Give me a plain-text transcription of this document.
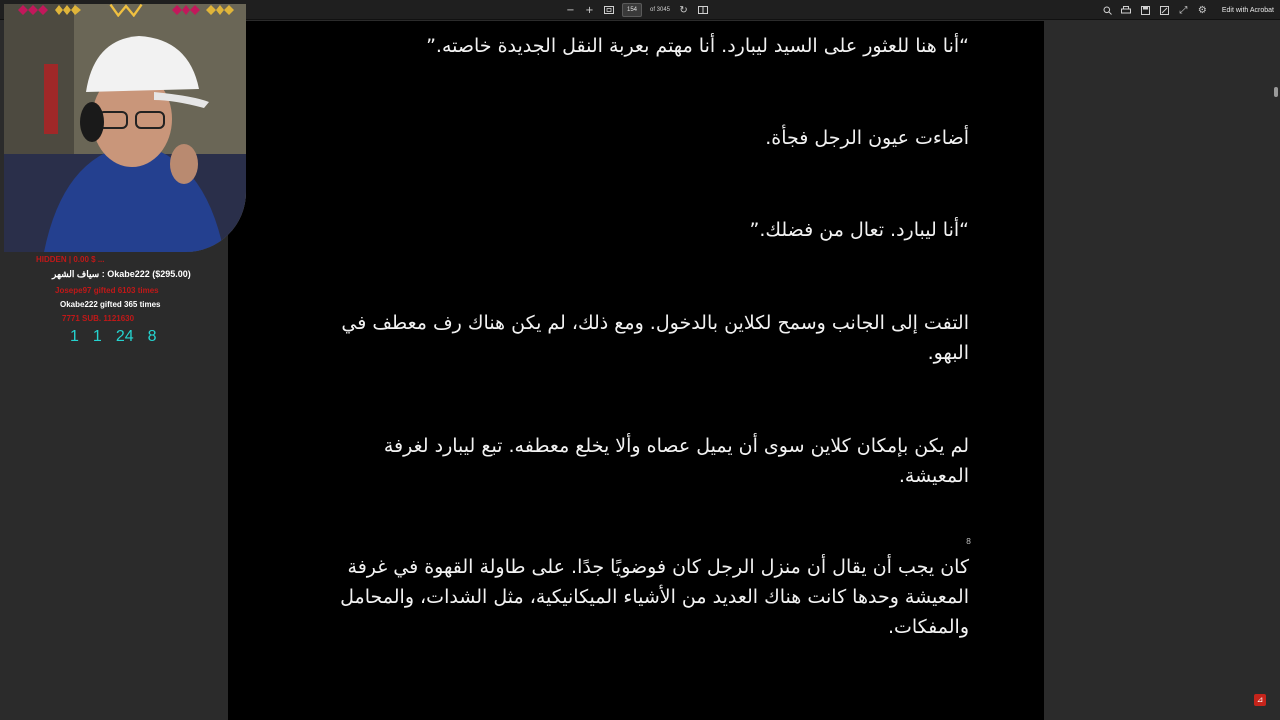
− +	154	of 3045 ↻	⤢ ⚙ Edit with Acrobat

“أنا هنا للعثور على السيد ليبارد. أنا مهتم بعربة النقل الجديدة خاصته.”

أضاءت عيون الرجل فجأة.

“أنا ليبارد. تعال من فضلك.”

التفت إلى الجانب وسمح لكلاين بالدخول. ومع ذلك، لم يكن هناك رف معطف في البهو.

لم يكن بإمكان كلاين سوى أن يميل عصاه وألا يخلع معطفه. تبع ليبارد لغرفة المعيشة.

كان يجب أن يقال أن منزل الرجل كان فوضويًا جدًا. على طاولة القهوة في غرفة المعيشة وحدها كانت هناك العديد من الأشياء الميكانيكية، مثل الشدات، والمحامل والمفكات.

8
⊿
HIDDEN | 0.00 $ ...
سياف الشهر : Okabe222 ($295.00)
Josepe97 gifted 6103 times
Okabe222 gifted 365 times
7771 SUB. 1121630
1 1 24 8
